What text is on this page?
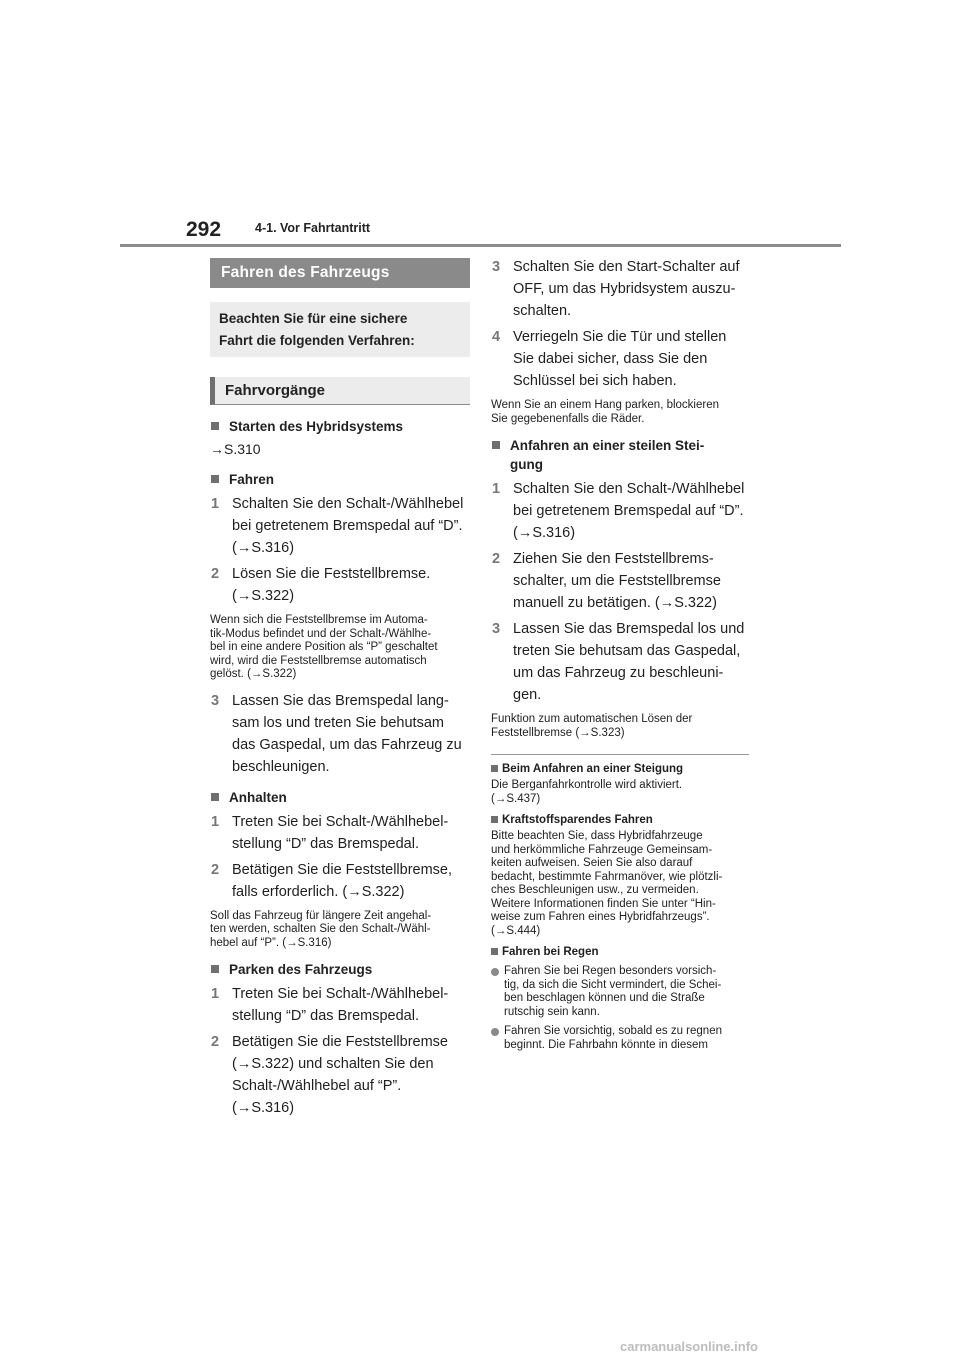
292	4-1. Vor Fahrtantritt
Fahren des Fahrzeugs
Beachten Sie für eine sichere
Fahrt die folgenden Verfahren:
Fahrvorgänge
Starten des Hybridsystems
→S.310
Fahren
1 Schalten Sie den Schalt-/Wählhebel
bei getretenem Bremspedal auf “D”.
(→S.316)
2 Lösen Sie die Feststellbremse.
(→S.322)
Wenn sich die Feststellbremse im Automa-
tik-Modus befindet und der Schalt-/Wählhe-
bel in eine andere Position als “P” geschaltet
wird, wird die Feststellbremse automatisch
gelöst. (→S.322)
3 Lassen Sie das Bremspedal lang-
sam los und treten Sie behutsam
das Gaspedal, um das Fahrzeug zu
beschleunigen.
Anhalten
1 Treten Sie bei Schalt-/Wählhebel-
stellung “D” das Bremspedal.
2 Betätigen Sie die Feststellbremse,
falls erforderlich. (→S.322)
Soll das Fahrzeug für längere Zeit angehal-
ten werden, schalten Sie den Schalt-/Wähl-
hebel auf “P”. (→S.316)
Parken des Fahrzeugs
1 Treten Sie bei Schalt-/Wählhebel-
stellung “D” das Bremspedal.
2 Betätigen Sie die Feststellbremse
(→S.322) und schalten Sie den
Schalt-/Wählhebel auf “P”.
(→S.316)
3 Schalten Sie den Start-Schalter auf
OFF, um das Hybridsystem auszu-
schalten.
4 Verriegeln Sie die Tür und stellen
Sie dabei sicher, dass Sie den
Schlüssel bei sich haben.
Wenn Sie an einem Hang parken, blockieren
Sie gegebenenfalls die Räder.
Anfahren an einer steilen Stei-
gung
1 Schalten Sie den Schalt-/Wählhebel
bei getretenem Bremspedal auf “D”.
(→S.316)
2 Ziehen Sie den Feststellbrems-
schalter, um die Feststellbremse
manuell zu betätigen. (→S.322)
3 Lassen Sie das Bremspedal los und
treten Sie behutsam das Gaspedal,
um das Fahrzeug zu beschleuni-
gen.
Funktion zum automatischen Lösen der
Feststellbremse (→S.323)
Beim Anfahren an einer Steigung
Die Berganfahrkontrolle wird aktiviert.
(→S.437)
Kraftstoffsparendes Fahren
Bitte beachten Sie, dass Hybridfahrzeuge
und herkömmliche Fahrzeuge Gemeinsam-
keiten aufweisen. Seien Sie also darauf
bedacht, bestimmte Fahrmanöver, wie plötzli-
ches Beschleunigen usw., zu vermeiden.
Weitere Informationen finden Sie unter “Hin-
weise zum Fahren eines Hybridfahrzeugs”.
(→S.444)
Fahren bei Regen
Fahren Sie bei Regen besonders vorsich-
tig, da sich die Sicht vermindert, die Schei-
ben beschlagen können und die Straße
rutschig sein kann.
Fahren Sie vorsichtig, sobald es zu regnen
beginnt. Die Fahrbahn könnte in diesem
carmanualsonline.info
